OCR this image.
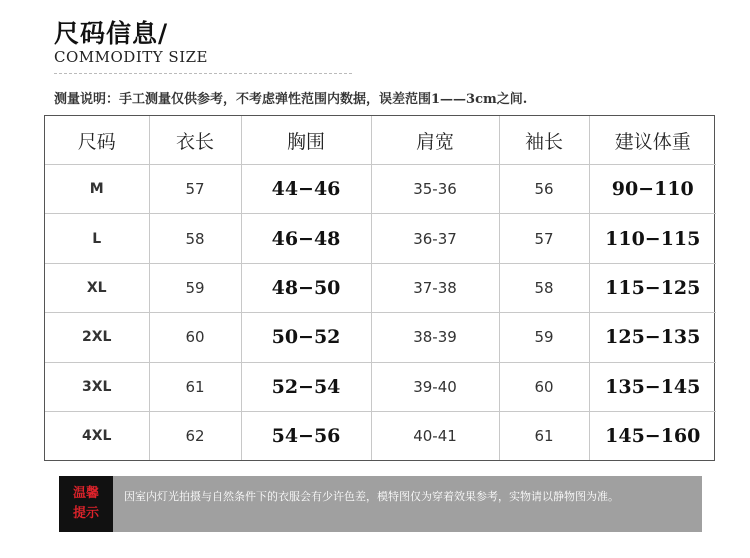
尺码信息/
COMMODITY SIZE
测量说明：手工测量仅供参考，不考虑弹性范围内数据，误差范围1——3cm之间.
尺码	衣长	胸围	肩宽	袖长	建议体重
M	57	44−46	35-36	56	90−110
L	58	46−48	36-37	57	110−115
XL	59	48−50	37-38	58	115−125
2XL	60	50−52	38-39	59	125−135
3XL	61	52−54	39-40	60	135−145
4XL	62	54−56	40-41	61	145−160
温馨
提示
因室内灯光拍摄与自然条件下的衣服会有少许色差，模特图仅为穿着效果参考，实物请以静物图为准。
